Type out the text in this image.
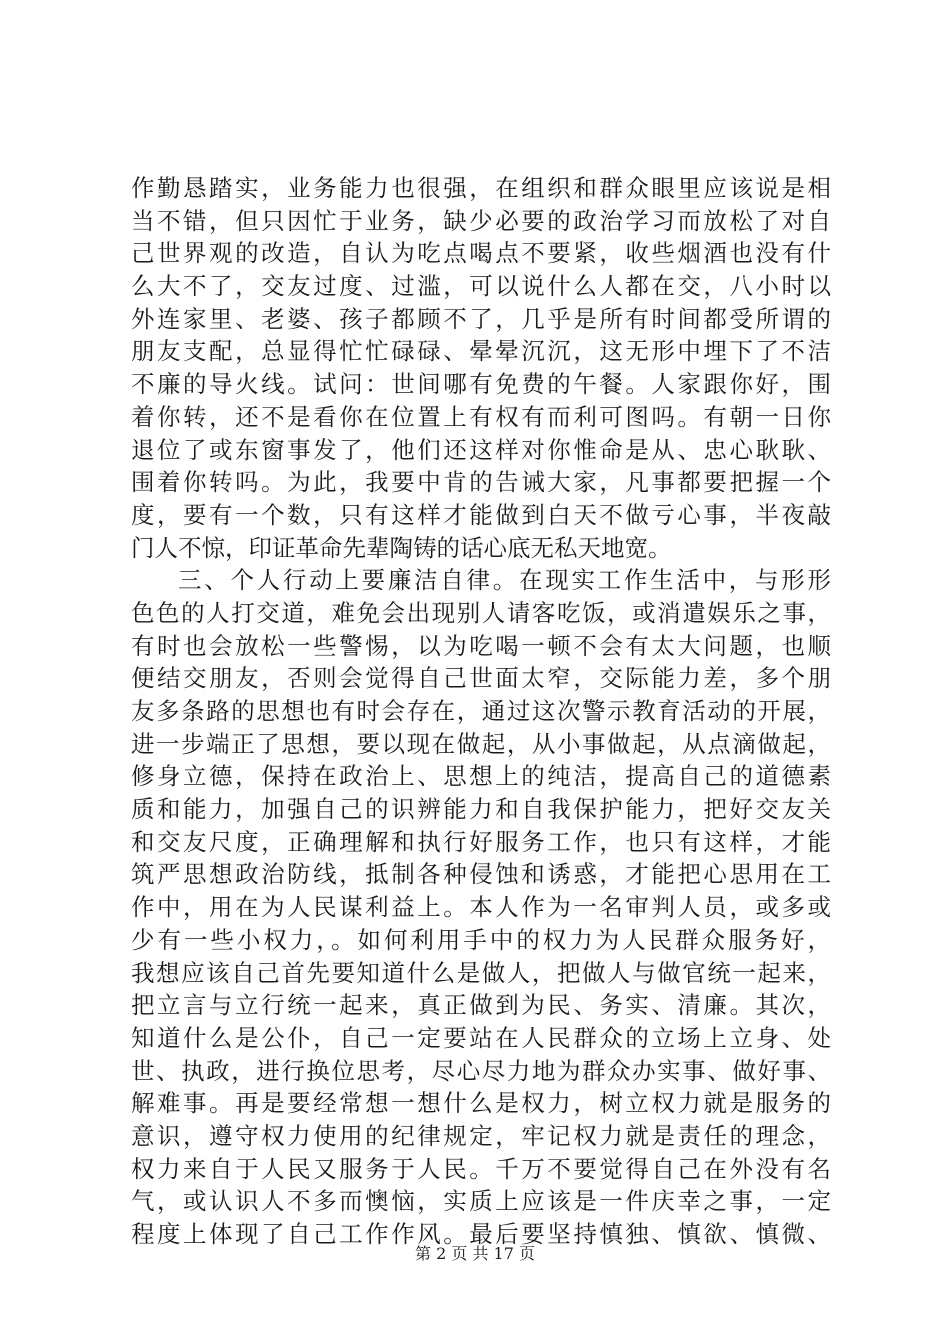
作勤恳踏实，业务能力也很强，在组织和群众眼里应该说是相
当不错，但只因忙于业务，缺少必要的政治学习而放松了对自
己世界观的改造，自认为吃点喝点不要紧，收些烟酒也没有什
么大不了，交友过度、过滥，可以说什么人都在交，八小时以
外连家里、老婆、孩子都顾不了，几乎是所有时间都受所谓的
朋友支配，总显得忙忙碌碌、晕晕沉沉，这无形中埋下了不洁
不廉的导火线。试问：世间哪有免费的午餐。人家跟你好，围
着你转，还不是看你在位置上有权有而利可图吗。有朝一日你
退位了或东窗事发了，他们还这样对你惟命是从、忠心耿耿、
围着你转吗。为此，我要中肯的告诫大家，凡事都要把握一个
度，要有一个数，只有这样才能做到白天不做亏心事，半夜敲
门人不惊，印证革命先辈陶铸的话心底无私天地宽。
三、个人行动上要廉洁自律。在现实工作生活中，与形形
色色的人打交道，难免会出现别人请客吃饭，或消遣娱乐之事，
有时也会放松一些警惕，以为吃喝一顿不会有太大问题，也顺
便结交朋友，否则会觉得自己世面太窄，交际能力差，多个朋
友多条路的思想也有时会存在，通过这次警示教育活动的开展，
进一步端正了思想，要以现在做起，从小事做起，从点滴做起，
修身立德，保持在政治上、思想上的纯洁，提高自己的道德素
质和能力，加强自己的识辨能力和自我保护能力，把好交友关
和交友尺度，正确理解和执行好服务工作，也只有这样，才能
筑严思想政治防线，抵制各种侵蚀和诱惑，才能把心思用在工
作中，用在为人民谋利益上。本人作为一名审判人员，或多或
少有一些小权力，。如何利用手中的权力为人民群众服务好，
我想应该自己首先要知道什么是做人，把做人与做官统一起来，
把立言与立行统一起来，真正做到为民、务实、清廉。其次，
知道什么是公仆，自己一定要站在人民群众的立场上立身、处
世、执政，进行换位思考，尽心尽力地为群众办实事、做好事、
解难事。再是要经常想一想什么是权力，树立权力就是服务的
意识，遵守权力使用的纪律规定，牢记权力就是责任的理念，
权力来自于人民又服务于人民。千万不要觉得自己在外没有名
气，或认识人不多而懊恼，实质上应该是一件庆幸之事，一定
程度上体现了自己工作作风。最后要坚持慎独、慎欲、慎微、
第 2 页 共 17 页
